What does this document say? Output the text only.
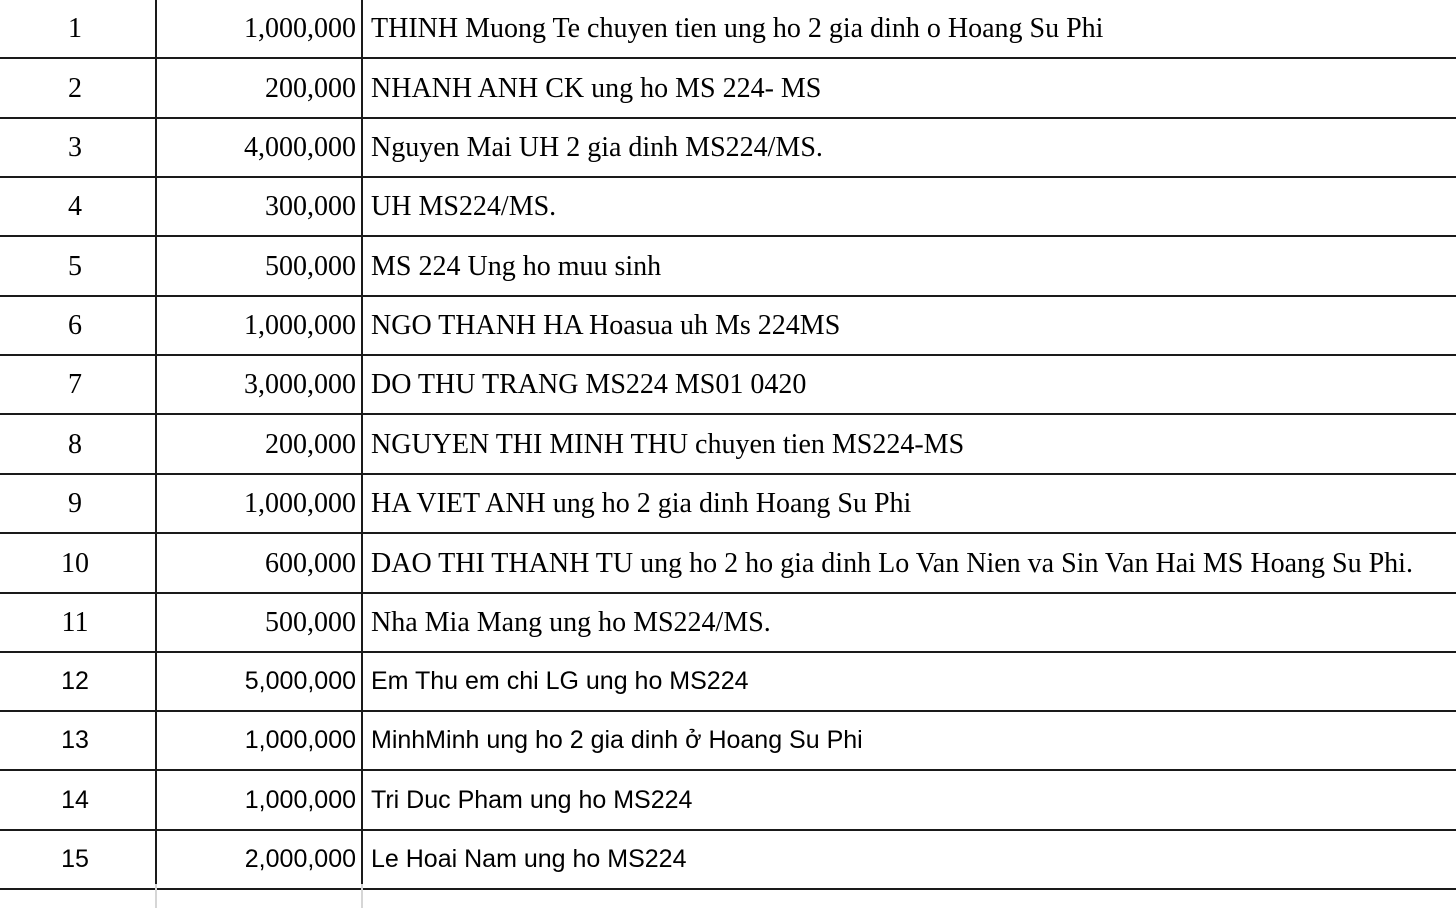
1	1,000,000 THINH Muong Te chuyen tien ung ho 2 gia dinh o Hoang Su Phi
2	200,000 NHANH ANH CK ung ho MS 224- MS
3	4,000,000 Nguyen Mai UH 2 gia dinh MS224/MS.
4	300,000 UH MS224/MS.
5	500,000 MS 224 Ung ho muu sinh
6	1,000,000 NGO THANH HA Hoasua uh Ms 224MS
7	3,000,000 DO THU TRANG MS224 MS01 0420
8	200,000 NGUYEN THI MINH THU chuyen tien MS224-MS
9	1,000,000 HA VIET ANH ung ho 2 gia dinh Hoang Su Phi
10	600,000 DAO THI THANH TU ung ho 2 ho gia dinh Lo Van Nien va Sin Van Hai MS Hoang Su Phi.
11	500,000 Nha Mia Mang ung ho MS224/MS.
12	5,000,000 Em Thu em chi LG ung ho MS224
13	1,000,000 MinhMinh ung ho 2 gia dinh ở Hoang Su Phi
14	1,000,000 Tri Duc Pham ung ho MS224
15	2,000,000 Le Hoai Nam ung ho MS224
